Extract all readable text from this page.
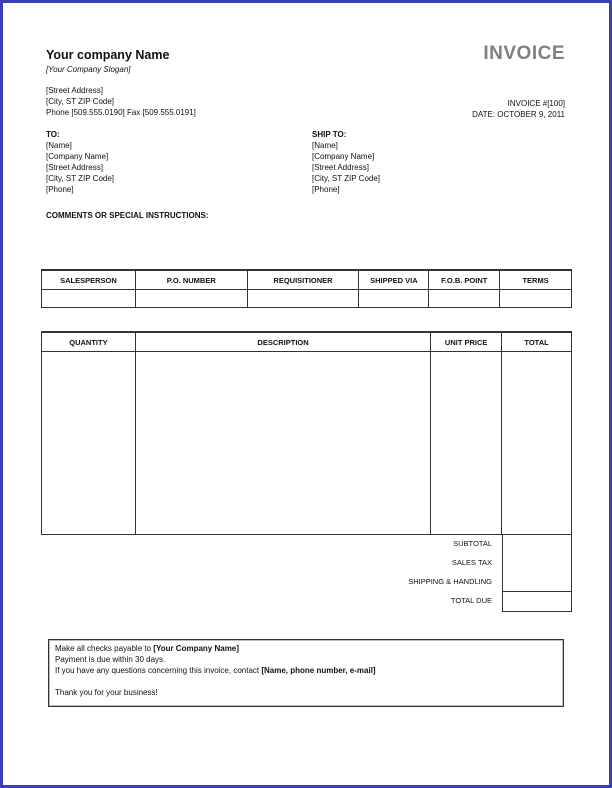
Your company Name
[Your Company Slogan]
[Street Address]
[City, ST ZIP Code]
Phone [509.555.0190] Fax [509.555.0191]
INVOICE
INVOICE #[100]
DATE: OCTOBER 9, 2011
TO:
[Name]
[Company Name]
[Street Address]
[City, ST ZIP Code]
[Phone]
SHIP TO:
[Name]
[Company Name]
[Street Address]
[City, ST ZIP Code]
[Phone]
COMMENTS OR SPECIAL INSTRUCTIONS:
SALESPERSON	P.O. NUMBER	REQUISITIONER	SHIPPED VIA	F.O.B. POINT	TERMS

QUANTITY	DESCRIPTION	UNIT PRICE	TOTAL

SUBTOTAL
SALES TAX
SHIPPING & HANDLING
TOTAL DUE
Make all checks payable to [Your Company Name]
Payment is due within 30 days.
If you have any questions concerning this invoice, contact [Name, phone number, e-mail]
Thank you for your business!
